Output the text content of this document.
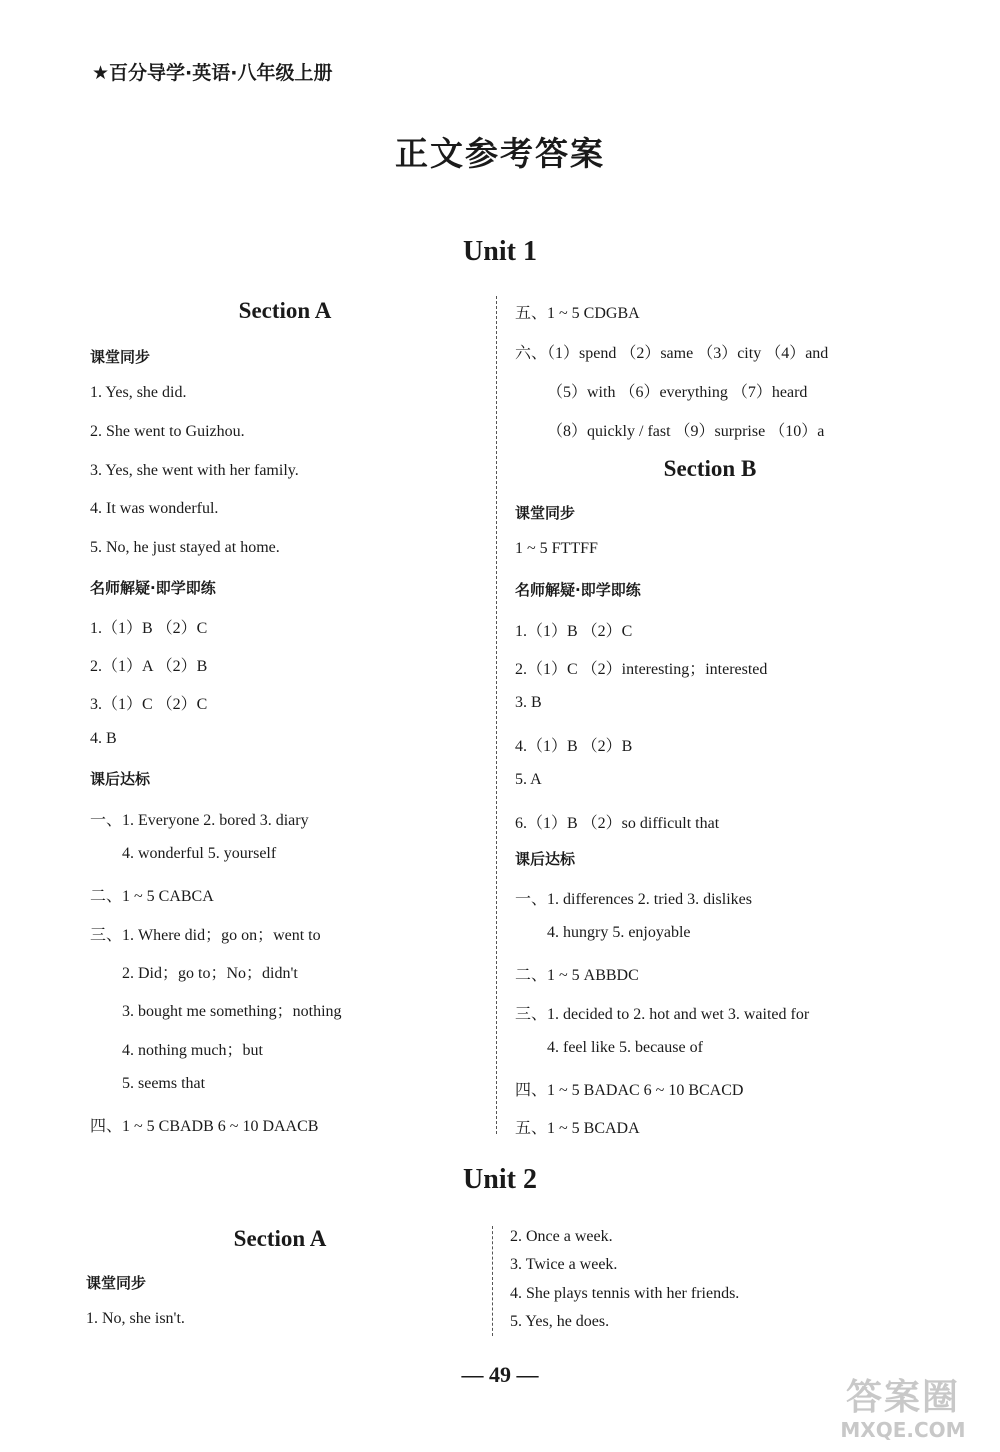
★百分导学·英语·八年级上册
正文参考答案
Unit 1
Section A
课堂同步
1. Yes, she did.
2. She went to Guizhou.
3. Yes, she went with her family.
4. It was wonderful.
5. No, he just stayed at home.
名师解疑·即学即练
1.（1）B （2）C
2.（1）A （2）B
3.（1）C （2）C
4. B
课后达标
一、1. Everyone 2. bored 3. diary
4. wonderful 5. yourself
二、1 ~ 5 CABCA
三、1. Where did；go on；went to
2. Did；go to；No；didn't
3. bought me something；nothing
4. nothing much；but
5. seems that
四、1 ~ 5 CBADB 6 ~ 10 DAACB
五、1 ~ 5 CDGBA
六、（1）spend （2）same （3）city （4）and
（5）with （6）everything （7）heard
（8）quickly / fast （9）surprise （10）a
课堂同步
1 ~ 5 FTTFF
名师解疑·即学即练
1.（1）B （2）C
2.（1）C （2）interesting；interested
3. B
4.（1）B （2）B
5. A
6.（1）B （2）so difficult that
课后达标
一、1. differences 2. tried 3. dislikes
4. hungry 5. enjoyable
二、1 ~ 5 ABBDC
三、1. decided to 2. hot and wet 3. waited for
4. feel like 5. because of
四、1 ~ 5 BADAC 6 ~ 10 BCACD
五、1 ~ 5 BCADA
Section B
Unit 2
Section A
课堂同步
1. No, she isn't.
2. Once a week.
3. Twice a week.
4. She plays tennis with her friends.
5. Yes, he does.
— 49 —
答案圈
MXQE.COM
